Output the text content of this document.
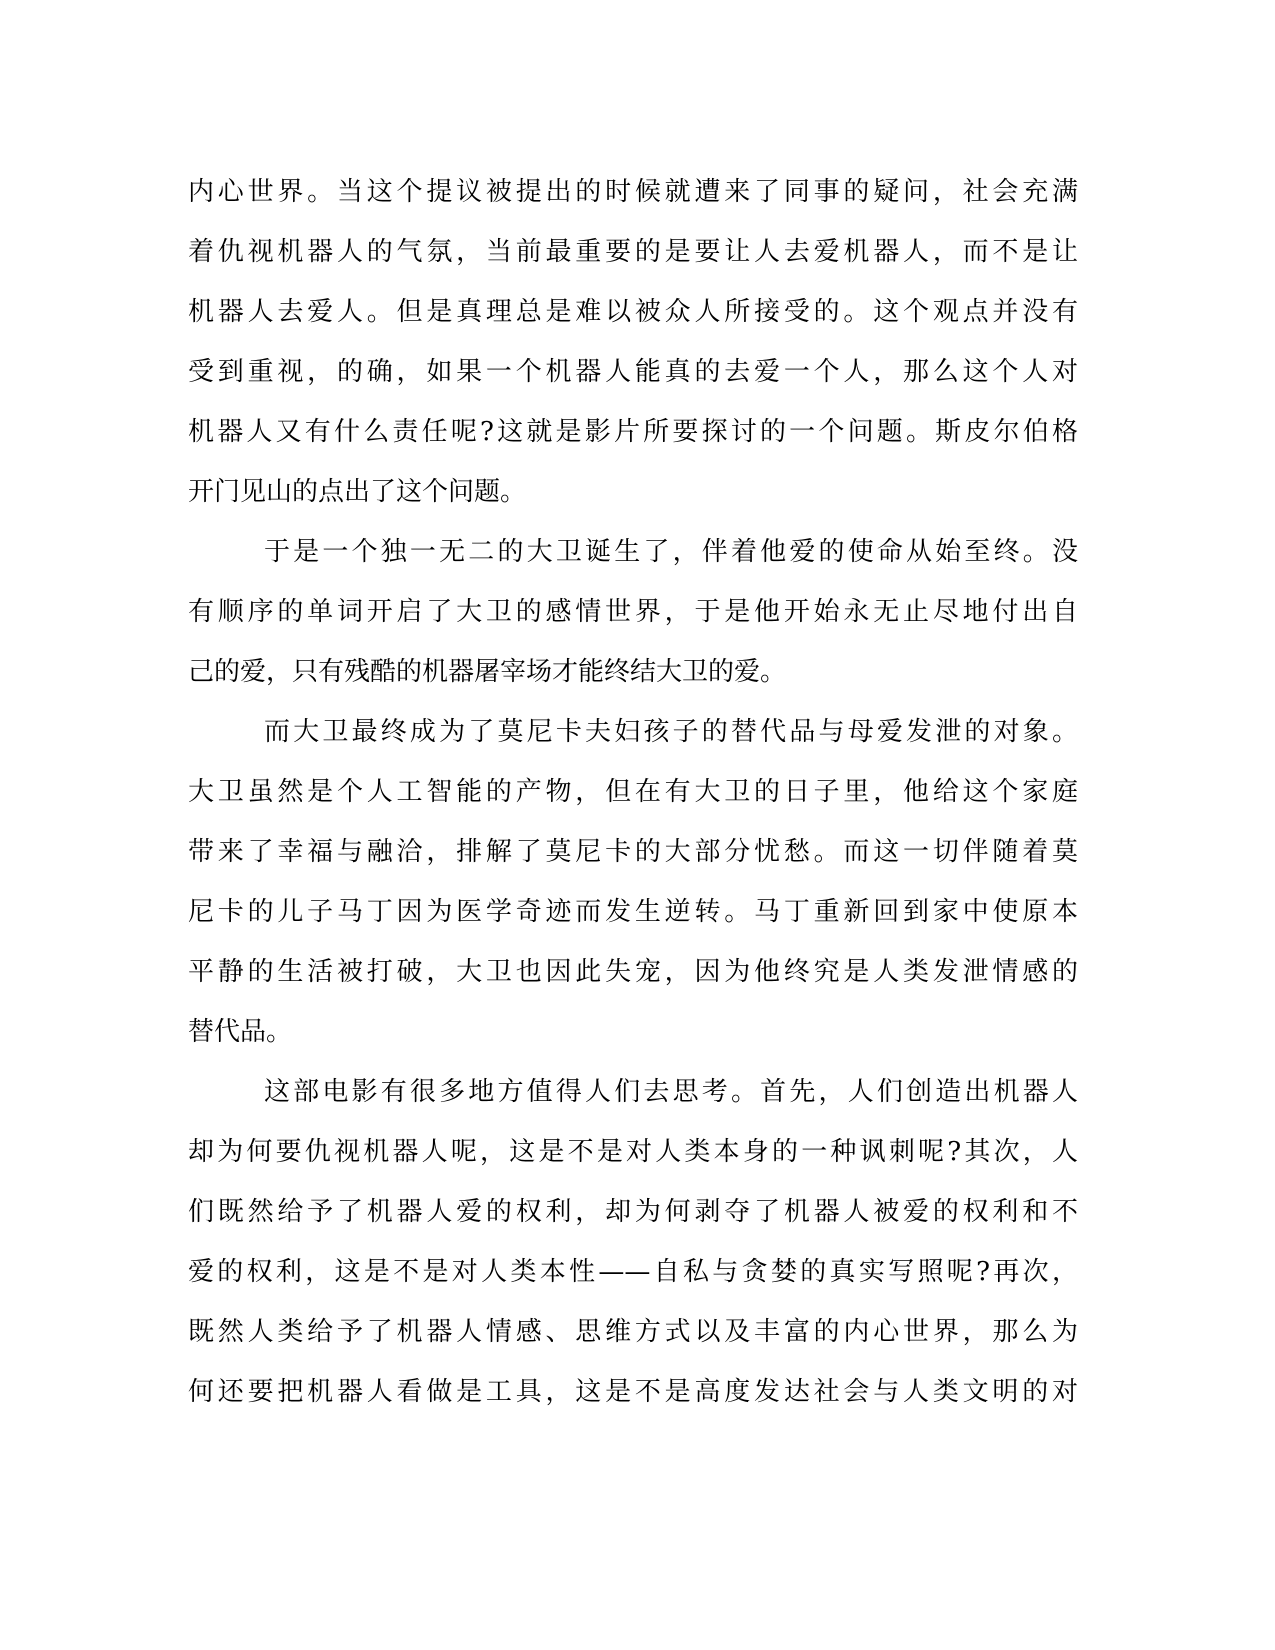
内心世界。当这个提议被提出的时候就遭来了同事的疑问，社会充满
着仇视机器人的气氛，当前最重要的是要让人去爱机器人，而不是让
机器人去爱人。但是真理总是难以被众人所接受的。这个观点并没有
受到重视，的确，如果一个机器人能真的去爱一个人，那么这个人对
机器人又有什么责任呢?这就是影片所要探讨的一个问题。斯皮尔伯格
开门见山的点出了这个问题。
于是一个独一无二的大卫诞生了，伴着他爱的使命从始至终。没
有顺序的单词开启了大卫的感情世界，于是他开始永无止尽地付出自
己的爱，只有残酷的机器屠宰场才能终结大卫的爱。
而大卫最终成为了莫尼卡夫妇孩子的替代品与母爱发泄的对象。
大卫虽然是个人工智能的产物，但在有大卫的日子里，他给这个家庭
带来了幸福与融洽，排解了莫尼卡的大部分忧愁。而这一切伴随着莫
尼卡的儿子马丁因为医学奇迹而发生逆转。马丁重新回到家中使原本
平静的生活被打破，大卫也因此失宠，因为他终究是人类发泄情感的
替代品。
这部电影有很多地方值得人们去思考。首先，人们创造出机器人
却为何要仇视机器人呢，这是不是对人类本身的一种讽刺呢?其次，人
们既然给予了机器人爱的权利，却为何剥夺了机器人被爱的权利和不
爱的权利，这是不是对人类本性——自私与贪婪的真实写照呢?再次，
既然人类给予了机器人情感、思维方式以及丰富的内心世界，那么为
何还要把机器人看做是工具，这是不是高度发达社会与人类文明的对
